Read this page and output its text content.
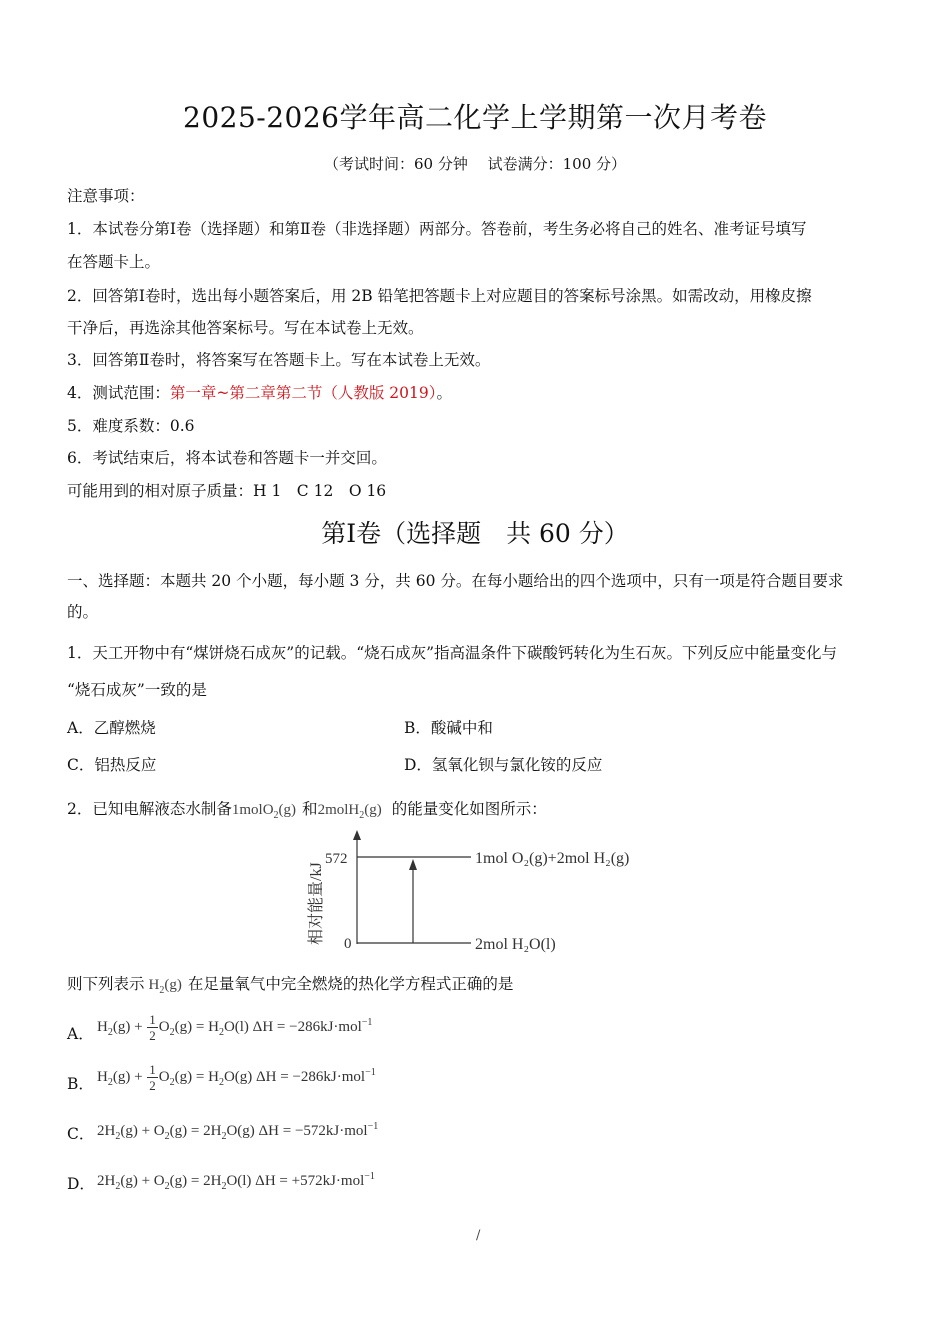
2025-2026学年高二化学上学期第一次月考卷
（考试时间：60 分钟　 试卷满分：100 分）
注意事项：
1．本试卷分第Ⅰ卷（选择题）和第Ⅱ卷（非选择题）两部分。答卷前，考生务必将自己的姓名、准考证号填写
在答题卡上。
2．回答第Ⅰ卷时，选出每小题答案后，用 2B 铅笔把答题卡上对应题目的答案标号涂黑。如需改动，用橡皮擦
干净后，再选涂其他答案标号。写在本试卷上无效。
3．回答第Ⅱ卷时，将答案写在答题卡上。写在本试卷上无效。
4．测试范围：第一章~第二章第二节（人教版 2019）。
5．难度系数：0.6
6．考试结束后，将本试卷和答题卡一并交回。
可能用到的相对原子质量：H 1　C 12　O 16
第Ⅰ卷（选择题　共 60 分）
一、选择题：本题共 20 个小题，每小题 3 分，共 60 分。在每小题给出的四个选项中，只有一项是符合题目要求
的。
1．天工开物中有“煤饼烧石成灰”的记载。“烧石成灰”指高温条件下碳酸钙转化为生石灰。下列反应中能量变化与
“烧石成灰”一致的是
A．乙醇燃烧	B．酸碱中和
C．铝热反应	D．氢氧化钡与氯化铵的反应
2．已知电解液态水制备1molO$_2$(g) 和2molH$_2$(g) 的能量变化如图所示：
相对能量/kJ
572
0
1mol O₂(g)+2mol H₂(g)
2mol H₂O(l)
则下列表示 $H_2(g)$ 在足量氧气中完全燃烧的热化学方程式正确的是
A． $H_2(g) + \frac{1}{2} O_2(g) = H_2O(l) \Delta H = -286kJ\cdot mol^{-1}$
B． $H_2(g) + \frac{1}{2} O_2(g) = H_2O(g) \Delta H = -286kJ\cdot mol^{-1}$
C． $2H_2(g) + O_2(g) = 2H_2O(g) \Delta H = -572kJ\cdot mol^{-1}$
D． $2H_2(g) + O_2(g) = 2H_2O(l) \Delta H = +572kJ\cdot mol^{-1}$
/
